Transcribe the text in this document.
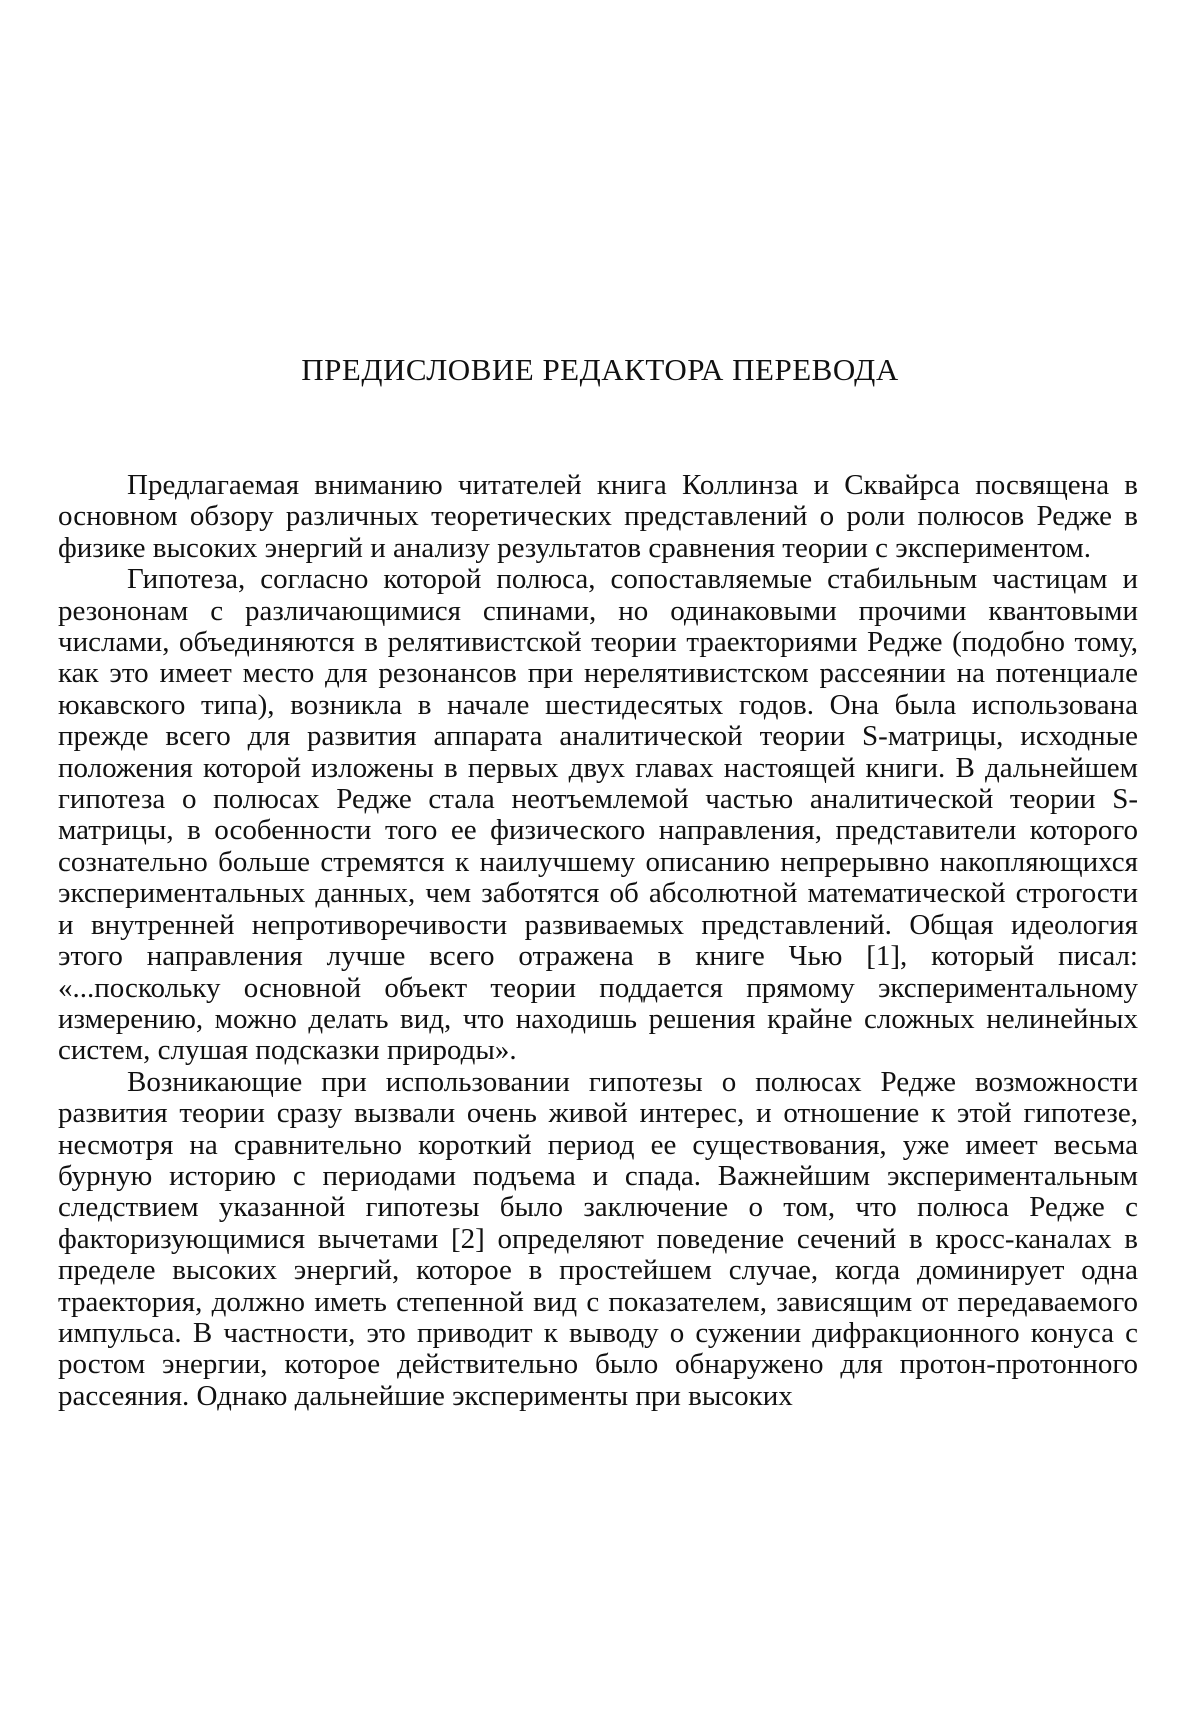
ПРЕДИСЛОВИЕ РЕДАКТОРА ПЕРЕВОДА

Предлагаемая вниманию читателей книга Коллинза и Сквайрса посвящена в основном обзору различных теоретических представлений о роли полюсов Редже в физике высоких энергий и анализу результатов сравнения теории с экспериментом.

Гипотеза, согласно которой полюса, сопоставляемые стабильным частицам и резононам с различающимися спинами, но одинаковыми прочими квантовыми числами, объединяются в релятивистской теории траекториями Редже (подобно тому, как это имеет место для резонансов при нерелятивистском рассеянии на потенциале юкавского типа), возникла в начале шестидесятых годов. Она была использована прежде всего для развития аппарата аналитической теории S-матрицы, исходные положения которой изложены в первых двух главах настоящей книги. В дальнейшем гипотеза о полюсах Редже стала неотъемлемой частью аналитической теории S-матрицы, в особенности того ее физического направления, представители которого сознательно больше стремятся к наилучшему описанию непрерывно накопляющихся экспериментальных данных, чем заботятся об абсолютной математической строгости и внутренней непротиворечивости развиваемых представлений. Общая идеология этого направления лучше всего отражена в книге Чью [1], который писал: «...поскольку основной объект теории поддается прямому экспериментальному измерению, можно делать вид, что находишь решения крайне сложных нелинейных систем, слушая подсказки природы».

Возникающие при использовании гипотезы о полюсах Редже возможности развития теории сразу вызвали очень живой интерес, и отношение к этой гипотезе, несмотря на сравнительно короткий период ее существования, уже имеет весьма бурную историю с периодами подъема и спада. Важнейшим экспериментальным следствием указанной гипотезы было заключение о том, что полюса Редже с факторизующимися вычетами [2] определяют поведение сечений в кросс-каналах в пределе высоких энергий, которое в простейшем случае, когда доминирует одна траектория, должно иметь степенной вид с показателем, зависящим от передаваемого импульса. В частности, это приводит к выводу о сужении дифракционного конуса с ростом энергии, которое действительно было обнаружено для протон-протонного рассеяния. Однако дальнейшие эксперименты при высоких
